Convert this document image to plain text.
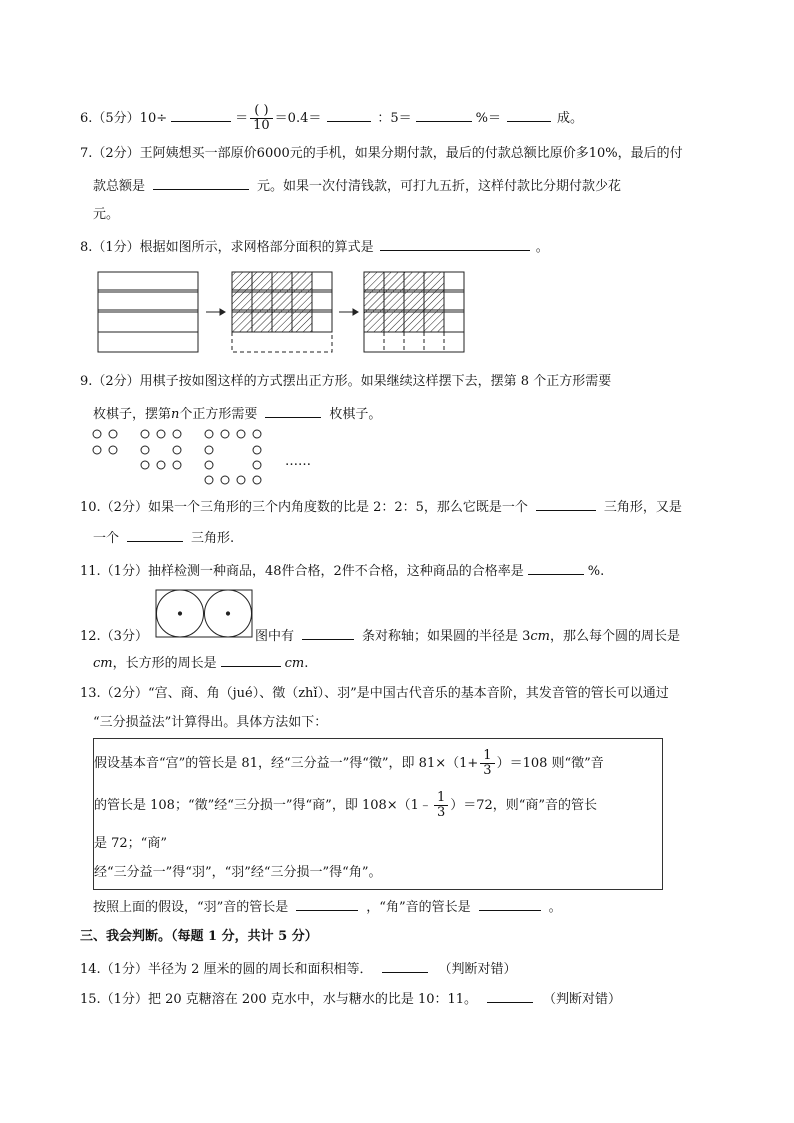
6.（5分）10÷	＝ $\frac{( )}{10} =0.4=$	：5＝	%＝	成。
7.（2分）王阿姨想买一部原价6000元的手机，如果分期付款，最后的付款总额比原价多10%，最后的付
款总额是	元。如果一次付清钱款，可打九五折，这样付款比分期付款少花
元。
8.（1分）根据如图所示，求网格部分面积的算式是	。
9.（2分）用棋子按如图这样的方式摆出正方形。如果继续这样摆下去，摆第 8 个正方形需要
枚棋子，摆第n个正方形需要	枚棋子。
……
10.（2分）如果一个三角形的三个内角度数的比是 2：2：5，那么它既是一个	三角形，又是
一个	三角形.
11.（1分）抽样检测一种商品，48件合格，2件不合格，这种商品的合格率是	%.
12.（3分）	图中有	条对称轴；如果圆的半径是 3cm，那么每个圆的周长是
cm，长方形的周长是	cm.
13.（2分）“宫、商、角（jué）、徵（zhǐ）、羽”是中国古代音乐的基本音阶，其发音管的管长可以通过
“三分损益法”计算得出。具体方法如下：
假设基本音“宫”的管长是 81，经“三分益一”得“徵”，即 $81\times(1+ \frac{1}{3} )=108$ 则“徵”音
的管长是 108；“徵”经“三分损一”得“商”，即 108×（1﹣ $\frac{1}{3} )=72$，则“商”音的管长
是 72；“商”
经“三分益一”得“羽”，“羽”经“三分损一”得“角”。
按照上面的假设，“羽”音的管长是	，“角”音的管长是	。
三、我会判断。（每题 1 分，共计 5 分）
14.（1分）半径为 2 厘米的圆的周长和面积相等．	（判断对错）
15.（1分）把 20 克糖溶在 200 克水中，水与糖水的比是 10：11。	（判断对错）
